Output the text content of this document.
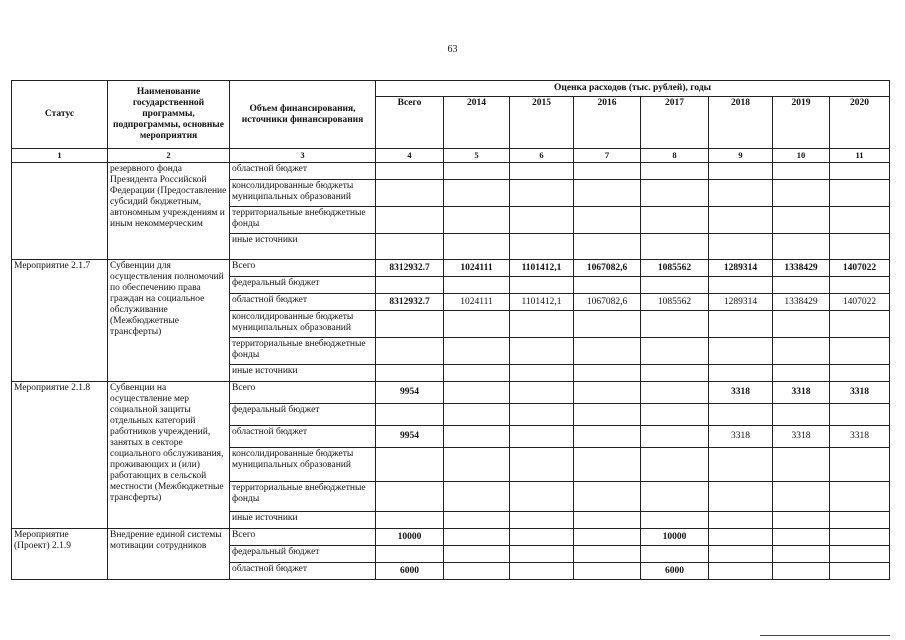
63
Статус	Наименование государственной программы, подпрограммы, основные мероприятия	Объем финансирования, источники финансирования	Оценка расходов (тыс. рублей), годы							
			Всего	2014	2015	2016	2017	2018	2019	2020
1	2	3	4	5	6	7	8	9	10	11
	резервного фонда Президента Российской Федерации (Предоставление субсидий бюджетным, автономным учреждениям и иным некоммерческим	областной бюджет								
		консолидированные бюджеты муниципальных образований								
		территориальные внебюджетные фонды								
		иные источники								
Мероприятие 2.1.7	Субвенции для осуществления полномочий по обеспечению права граждан на социальное обслуживание (Межбюджетные трансферты)	Всего	8312932.7	1024111	1101412,1	1067082,6	1085562	1289314	1338429	1407022
		федеральный бюджет								
		областной бюджет	8312932.7	1024111	1101412,1	1067082,6	1085562	1289314	1338429	1407022
		консолидированные бюджеты муниципальных образований								
		территориальные внебюджетные фонды								
		иные источники								
Мероприятие 2.1.8	Субвенции на осуществление мер социальной защиты отдельных категорий работников учреждений, занятых в секторе социального обслуживания, проживающих и (или) работающих в сельской местности (Межбюджетные трансферты)	Всего	9954					3318	3318	3318
		федеральный бюджет								
		областной бюджет	9954					3318	3318	3318
		консолидированные бюджеты муниципальных образований								
		территориальные внебюджетные фонды								
		иные источники								
Мероприятие (Проект) 2.1.9	Внедрение единой системы мотивации сотрудников	Всего	10000				10000			
		федеральный бюджет								
		областной бюджет	6000				6000			
